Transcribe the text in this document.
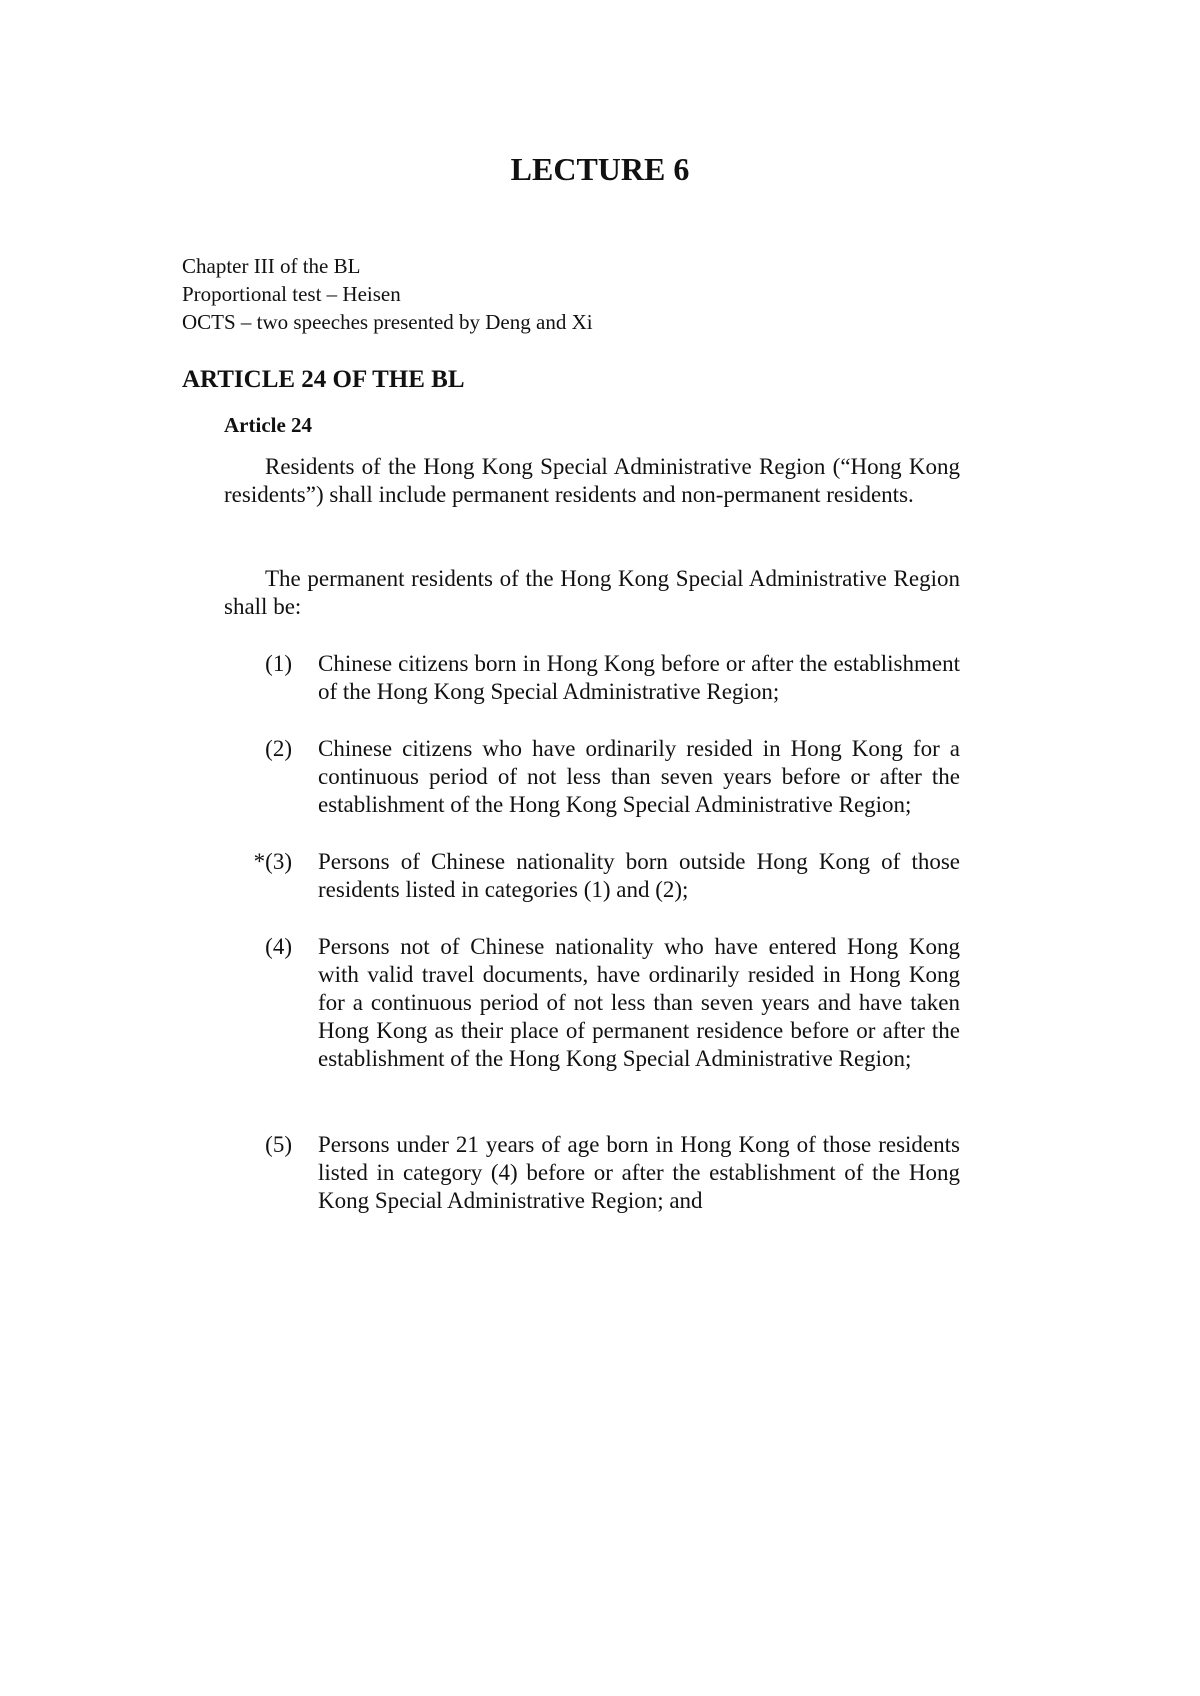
LECTURE 6
Chapter III of the BL
Proportional test – Heisen
OCTS – two speeches presented by Deng and Xi
ARTICLE 24 OF THE BL
Article 24

Residents of the Hong Kong Special Administrative Region (“Hong Kong residents”) shall include permanent residents and non-permanent residents.

The permanent residents of the Hong Kong Special Administrative Region shall be:

(1) Chinese citizens born in Hong Kong before or after the establishment of the Hong Kong Special Administrative Region;
(2) Chinese citizens who have ordinarily resided in Hong Kong for a continuous period of not less than seven years before or after the establishment of the Hong Kong Special Administrative Region;
*(3) Persons of Chinese nationality born outside Hong Kong of those residents listed in categories (1) and (2);
(4) Persons not of Chinese nationality who have entered Hong Kong with valid travel documents, have ordinarily resided in Hong Kong for a continuous period of not less than seven years and have taken Hong Kong as their place of permanent residence before or after the establishment of the Hong Kong Special Administrative Region;
(5) Persons under 21 years of age born in Hong Kong of those residents listed in category (4) before or after the establishment of the Hong Kong Special Administrative Region; and
